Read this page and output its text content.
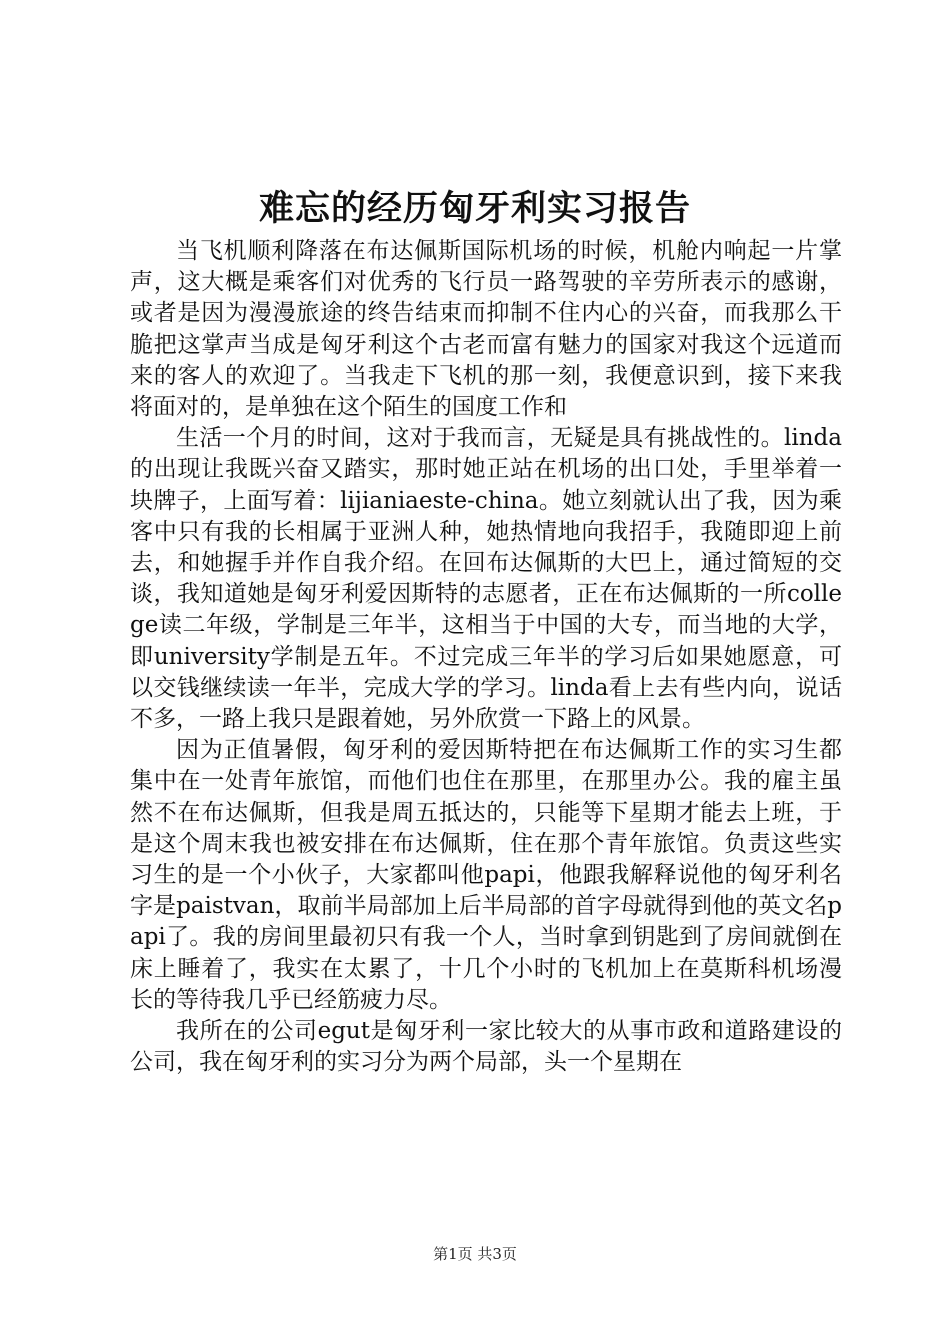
难忘的经历匈牙利实习报告

当飞机顺利降落在布达佩斯国际机场的时候，机舱内响起一片掌声，这大概是乘客们对优秀的飞行员一路驾驶的辛劳所表示的感谢，或者是因为漫漫旅途的终告结束而抑制不住内心的兴奋，而我那么干脆把这掌声当成是匈牙利这个古老而富有魅力的国家对我这个远道而来的客人的欢迎了。当我走下飞机的那一刻，我便意识到，接下来我将面对的，是单独在这个陌生的国度工作和

生活一个月的时间，这对于我而言，无疑是具有挑战性的。linda的出现让我既兴奋又踏实，那时她正站在机场的出口处，手里举着一块牌子，上面写着：lijianiaeste-china。她立刻就认出了我，因为乘客中只有我的长相属于亚洲人种，她热情地向我招手，我随即迎上前去，和她握手并作自我介绍。在回布达佩斯的大巴上，通过简短的交谈，我知道她是匈牙利爱因斯特的志愿者，正在布达佩斯的一所college读二年级，学制是三年半，这相当于中国的大专，而当地的大学，即university学制是五年。不过完成三年半的学习后如果她愿意，可以交钱继续读一年半，完成大学的学习。linda看上去有些内向，说话不多，一路上我只是跟着她，另外欣赏一下路上的风景。

因为正值暑假，匈牙利的爱因斯特把在布达佩斯工作的实习生都集中在一处青年旅馆，而他们也住在那里，在那里办公。我的雇主虽然不在布达佩斯，但我是周五抵达的，只能等下星期才能去上班，于是这个周末我也被安排在布达佩斯，住在那个青年旅馆。负责这些实习生的是一个小伙子，大家都叫他papi，他跟我解释说他的匈牙利名字是paistvan，取前半局部加上后半局部的首字母就得到他的英文名papi了。我的房间里最初只有我一个人，当时拿到钥匙到了房间就倒在床上睡着了，我实在太累了，十几个小时的飞机加上在莫斯科机场漫长的等待我几乎已经筋疲力尽。

我所在的公司egut是匈牙利一家比较大的从事市政和道路建设的公司，我在匈牙利的实习分为两个局部，头一个星期在

第1页 共3页
